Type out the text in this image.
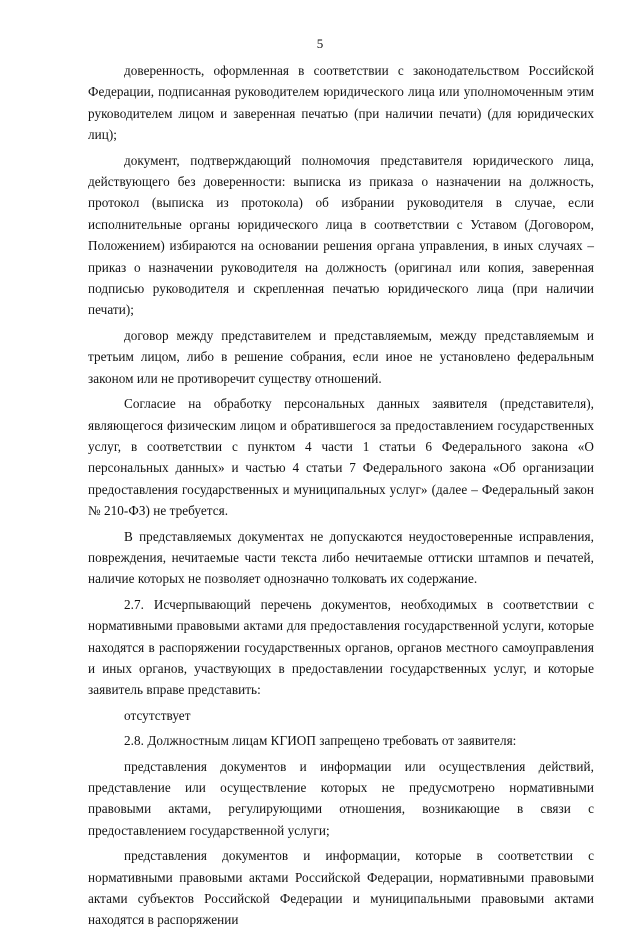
5

доверенность, оформленная в соответствии с законодательством Российской Федерации, подписанная руководителем юридического лица или уполномоченным этим руководителем лицом и заверенная печатью (при наличии печати) (для юридических лиц);

документ, подтверждающий полномочия представителя юридического лица, действующего без доверенности: выписка из приказа о назначении на должность, протокол (выписка из протокола) об избрании руководителя в случае, если исполнительные органы юридического лица в соответствии с Уставом (Договором, Положением) избираются на основании решения органа управления, в иных случаях – приказ о назначении руководителя на должность (оригинал или копия, заверенная подписью руководителя и скрепленная печатью юридического лица (при наличии печати);

договор между представителем и представляемым, между представляемым и третьим лицом, либо в решение собрания, если иное не установлено федеральным законом или не противоречит существу отношений.

Согласие на обработку персональных данных заявителя (представителя), являющегося физическим лицом и обратившегося за предоставлением государственных услуг, в соответствии с пунктом 4 части 1 статьи 6 Федерального закона «О персональных данных» и частью 4 статьи 7 Федерального закона «Об организации предоставления государственных и муниципальных услуг» (далее – Федеральный закон № 210-ФЗ) не требуется.

В представляемых документах не допускаются неудостоверенные исправления, повреждения, нечитаемые части текста либо нечитаемые оттиски штампов и печатей, наличие которых не позволяет однозначно толковать их содержание.

2.7. Исчерпывающий перечень документов, необходимых в соответствии с нормативными правовыми актами для предоставления государственной услуги, которые находятся в распоряжении государственных органов, органов местного самоуправления и иных органов, участвующих в предоставлении государственных услуг, и которые заявитель вправе представить:

отсутствует

2.8. Должностным лицам КГИОП запрещено требовать от заявителя:

представления документов и информации или осуществления действий, представление или осуществление которых не предусмотрено нормативными правовыми актами, регулирующими отношения, возникающие в связи с предоставлением государственной услуги;

представления документов и информации, которые в соответствии с нормативными правовыми актами Российской Федерации, нормативными правовыми актами субъектов Российской Федерации и муниципальными правовыми актами находятся в распоряжении
